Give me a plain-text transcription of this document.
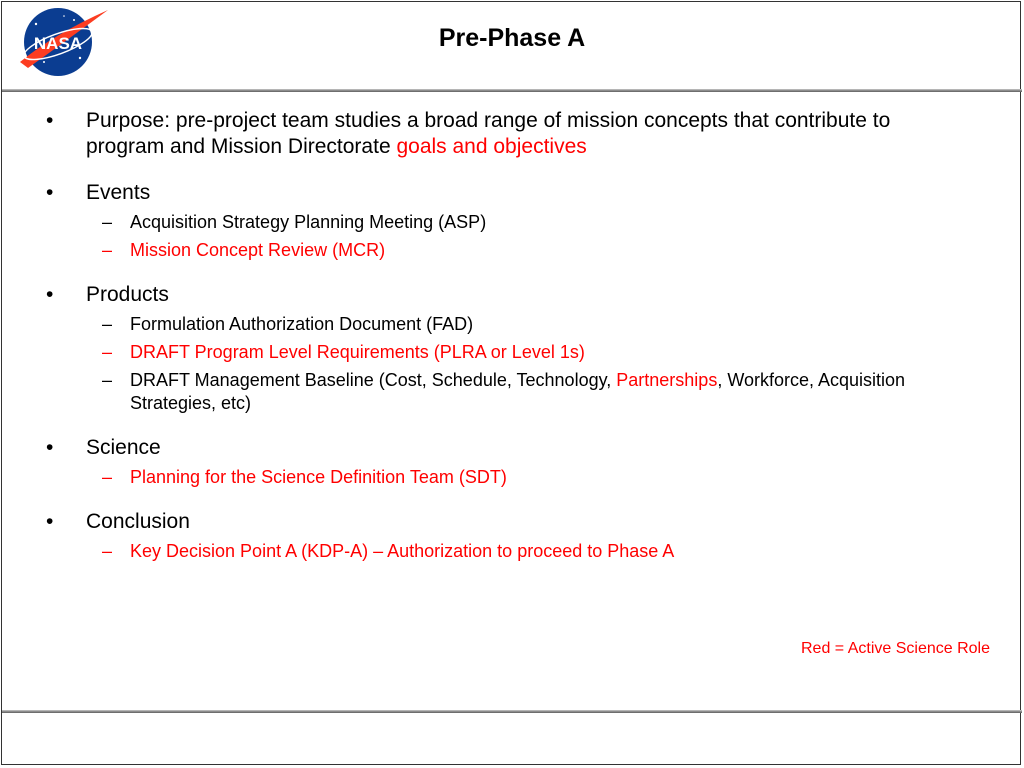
NASA	Pre-Phase A
• Purpose: pre-project team studies a broad range of mission concepts that contribute to program and Mission Directorate goals and objectives
• Events
– Acquisition Strategy Planning Meeting (ASP)
– Mission Concept Review (MCR)
• Products
– Formulation Authorization Document (FAD)
– DRAFT Program Level Requirements (PLRA or Level 1s)
– DRAFT Management Baseline (Cost, Schedule, Technology, Partnerships, Workforce, Acquisition Strategies, etc)
• Science
– Planning for the Science Definition Team (SDT)
• Conclusion
– Key Decision Point A (KDP-A) – Authorization to proceed to Phase A
Red = Active Science Role
